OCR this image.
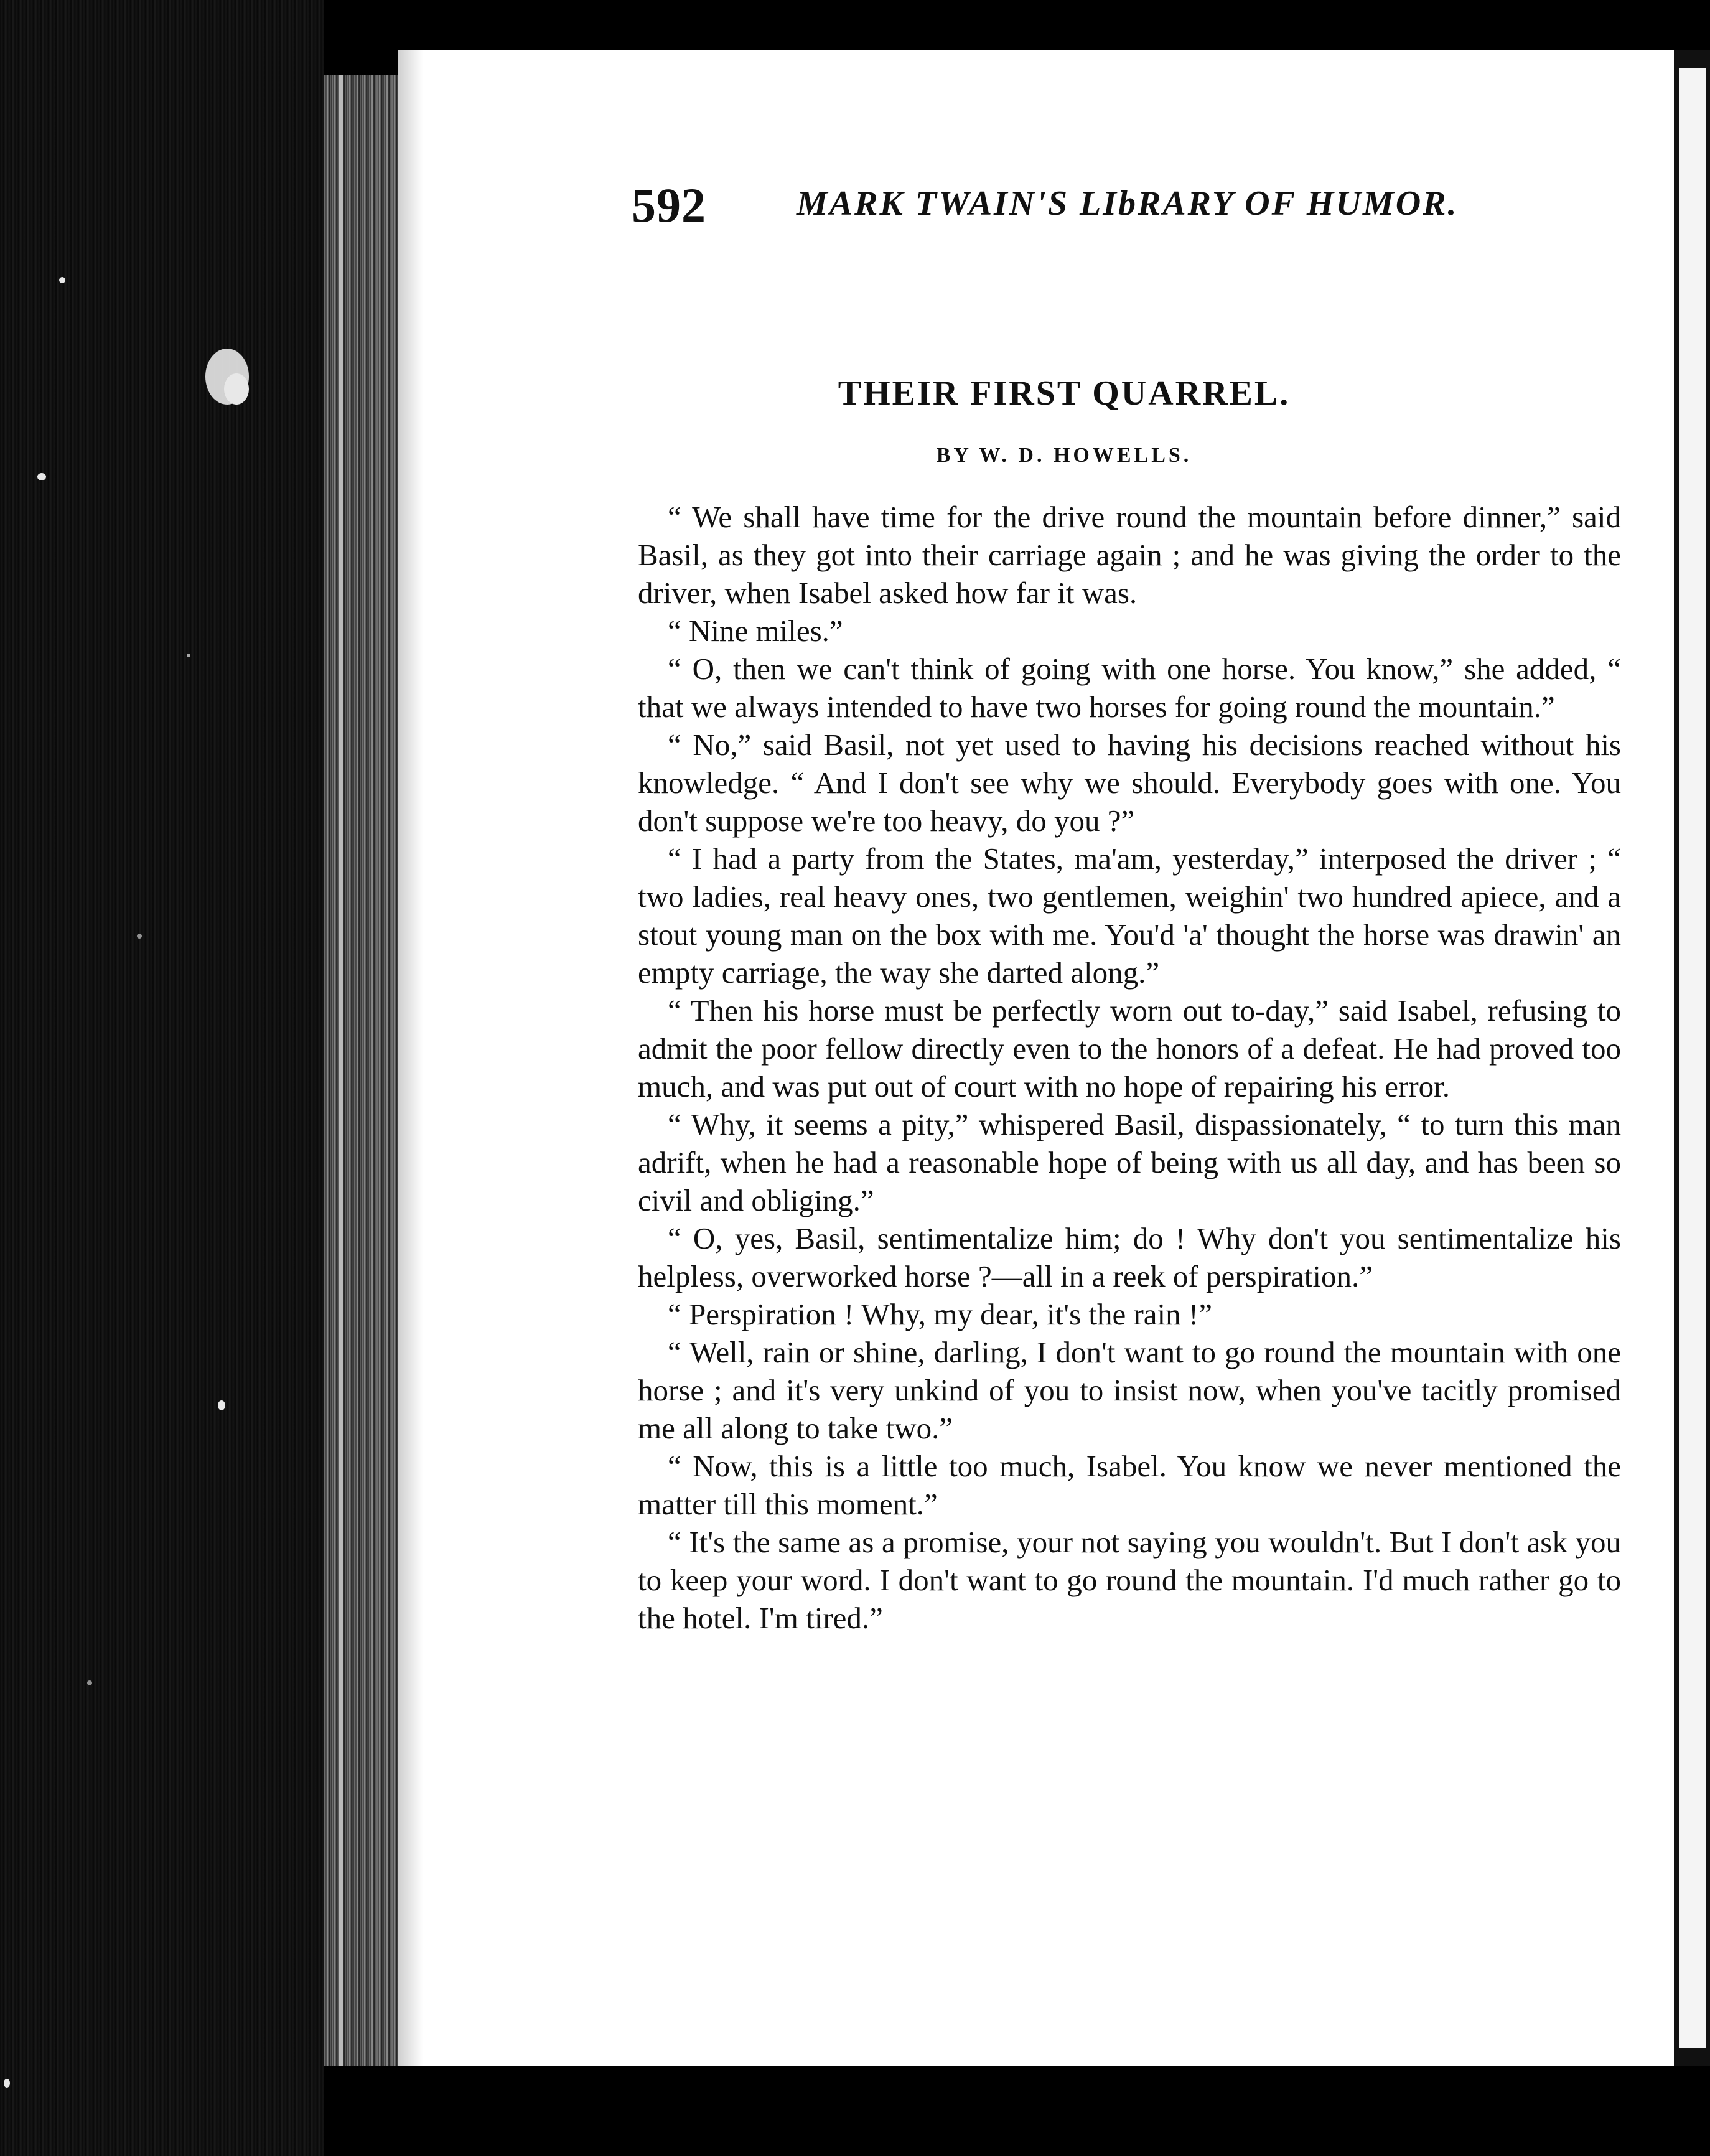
592	MARK TWAIN'S LIbRARY OF HUMOR.
THEIR FIRST QUARREL.
BY W. D. HOWELLS.

“ We shall have time for the drive round the mountain before dinner,” said Basil, as they got into their carriage again ; and he was giving the order to the driver, when Isabel asked how far it was.

“ Nine miles.”

“ O, then we can't think of going with one horse. You know,” she added, “ that we always intended to have two horses for going round the mountain.”

“ No,” said Basil, not yet used to having his decisions reached without his knowledge. “ And I don't see why we should. Everybody goes with one. You don't suppose we're too heavy, do you ?”

“ I had a party from the States, ma'am, yesterday,” interposed the driver ; “ two ladies, real heavy ones, two gentlemen, weighin' two hundred apiece, and a stout young man on the box with me. You'd 'a' thought the horse was drawin' an empty carriage, the way she darted along.”

“ Then his horse must be perfectly worn out to-day,” said Isabel, refusing to admit the poor fellow directly even to the honors of a defeat. He had proved too much, and was put out of court with no hope of repairing his error.

“ Why, it seems a pity,” whispered Basil, dispassionately, “ to turn this man adrift, when he had a reasonable hope of being with us all day, and has been so civil and obliging.”

“ O, yes, Basil, sentimentalize him; do ! Why don't you sentimentalize his helpless, overworked horse ?—all in a reek of perspiration.”

“ Perspiration ! Why, my dear, it's the rain !”

“ Well, rain or shine, darling, I don't want to go round the mountain with one horse ; and it's very unkind of you to insist now, when you've tacitly promised me all along to take two.”

“ Now, this is a little too much, Isabel. You know we never mentioned the matter till this moment.”

“ It's the same as a promise, your not saying you wouldn't. But I don't ask you to keep your word. I don't want to go round the mountain. I'd much rather go to the hotel. I'm tired.”
